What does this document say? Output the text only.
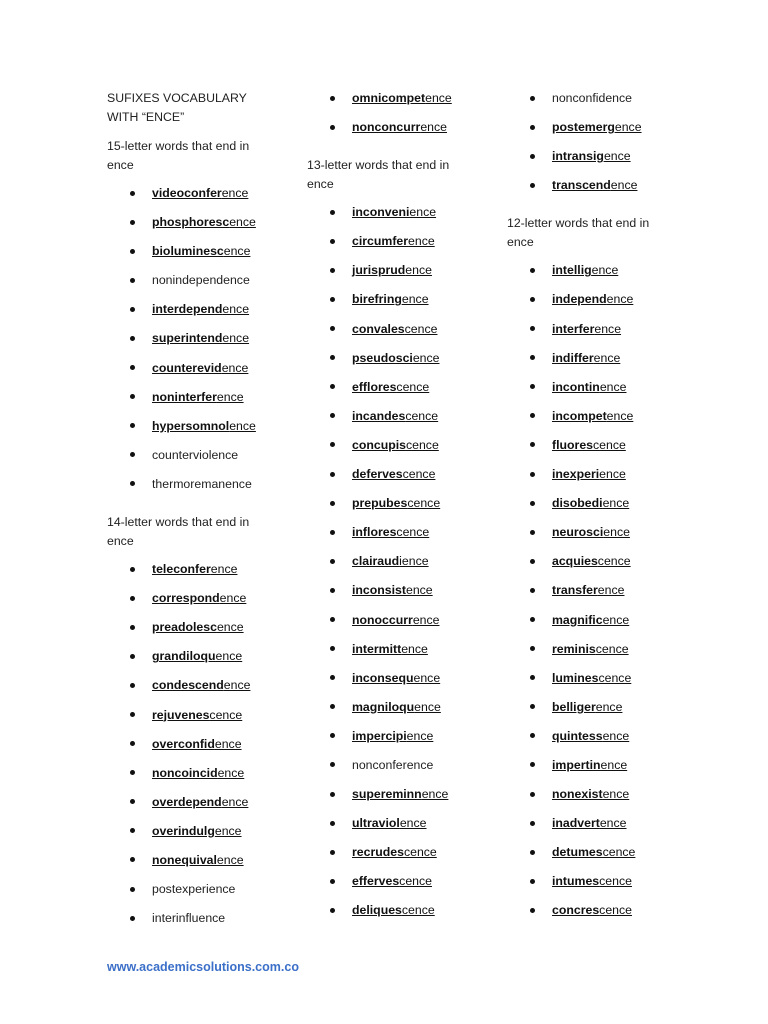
SUFIXES VOCABULARY WITH “ENCE”
15-letter words that end in ence
videoconference
phosphorescence
bioluminescence
nonindependence
interdependence
superintendence
counterevidence
noninterference
hypersomnolence
counterviolence
thermoremanence
14-letter words that end in ence
teleconference
correspondence
preadolescence
grandiloquence
condescendence
rejuvenescence
overconfidence
noncoincidence
overdependence
overindulgence
nonequivalence
postexperience
interinfluence
omnicompetence
nonconcurrence
13-letter words that end in ence
inconvenience
circumference
jurisprudence
birefringence
convalescence
pseudoscience
efflorescence
incandescence
concupiscence
defervescence
prepubescence
inflorescence
clairaudience
inconsistence
nonoccurrence
intermittence
inconsequence
magniloquence
impercipience
nonconference
supereminnence
ultraviolence
recrudescence
effervescence
deliquescence
nonconfidence
postemergence
intransigence
transcendence
12-letter words that end in ence
intelligence
independence
interference
indifference
incontinence
incompetence
fluorescence
inexperience
disobedience
neuroscience
acquiescence
transference
magnificence
reminiscence
luminescence
belligerence
quintessence
impertinence
nonexistence
inadvertence
detumescence
intumescence
concrescence
www.academicsolutions.com.co
